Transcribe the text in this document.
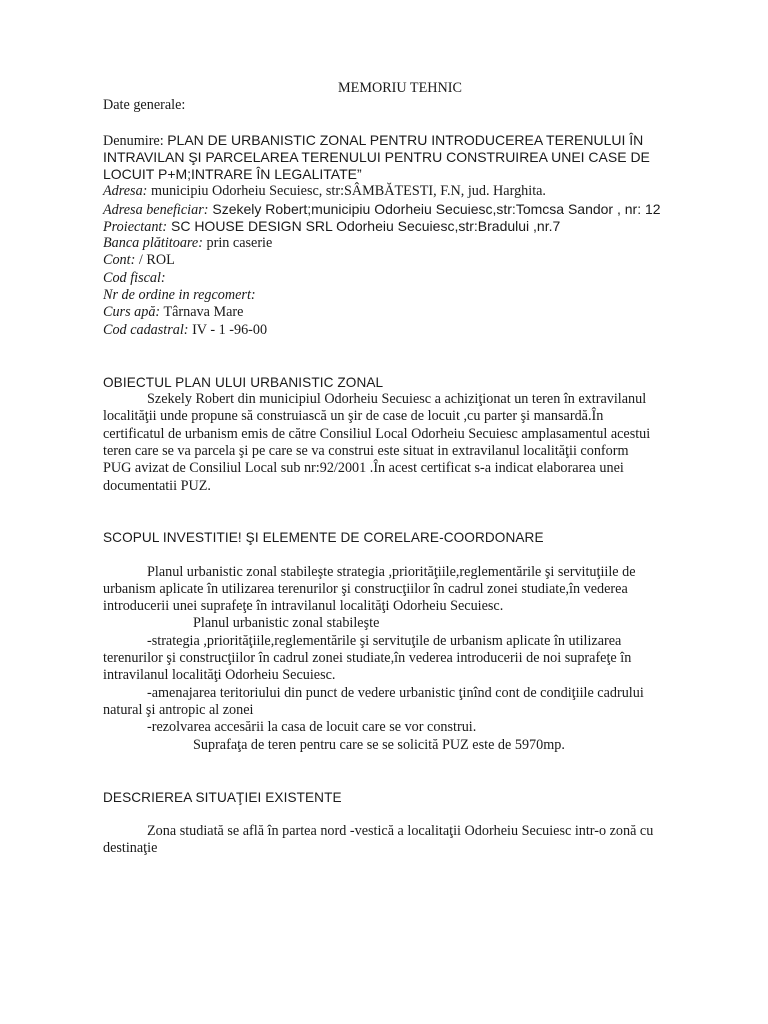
MEMORIU TEHNIC
Date generale:
Denumire: PLAN DE URBANISTIC ZONAL PENTRU INTRODUCEREA TERENULUI ÎN
INTRAVILAN ŞI PARCELAREA TERENULUI PENTRU CONSTRUIREA UNEI CASE DE
LOCUIT P+M;INTRARE ÎN LEGALITATE”
Adresa: municipiu Odorheiu Secuiesc, str:SÂMBĂTESTI, F.N, jud. Harghita.
Adresa beneficiar: Szekely Robert;municipiu Odorheiu Secuiesc,str:Tomcsa Sandor , nr: 12
Proiectant: SC HOUSE DESIGN SRL Odorheiu Secuiesc,str:Bradului ,nr.7
Banca plătitoare: prin caserie
Cont: / ROL
Cod fiscal:
Nr de ordine in regcomert:
Curs apă: Târnava Mare
Cod cadastral: IV - 1 -96-00
OBIECTUL PLAN ULUI URBANISTIC ZONAL
Szekely Robert din municipiul Odorheiu Secuiesc a achiziţionat un teren în extravilanul
localităţii unde propune să construiască un şir de case de locuit ,cu parter şi mansardă.În
certificatul de urbanism emis de către Consiliul Local Odorheiu Secuiesc amplasamentul acestui
teren care se va parcela şi pe care se va construi este situat in extravilanul localităţii conform
PUG avizat de Consiliul Local sub nr:92/2001 .În acest certificat s-a indicat elaborarea unei
documentatii PUZ.
SCOPUL INVESTITIE! ŞI ELEMENTE DE CORELARE-COORDONARE
Planul urbanistic zonal stabileşte strategia ,priorităţiile,reglementările şi servituţiile de
urbanism aplicate în utilizarea terenurilor şi construcţiilor în cadrul zonei studiate,în vederea
introducerii unei suprafeţe în intravilanul localităţi Odorheiu Secuiesc.
Planul urbanistic zonal stabileşte
-strategia ,priorităţiile,reglementările şi servituţile de urbanism aplicate în utilizarea
terenurilor şi construcţiilor în cadrul zonei studiate,în vederea introducerii de noi suprafeţe în
intravilanul localităţi Odorheiu Secuiesc.
-amenajarea teritoriului din punct de vedere urbanistic ţinînd cont de condiţiile cadrului
natural şi antropic al zonei
-rezolvarea accesării la casa de locuit care se vor construi.
Suprafaţa de teren pentru care se se solicită PUZ este de 5970mp.
DESCRIEREA SITUAŢIEI EXISTENTE
Zona studiată se află în partea nord -vestică a localitaţii Odorheiu Secuiesc intr-o zonă cu
destinaţie
